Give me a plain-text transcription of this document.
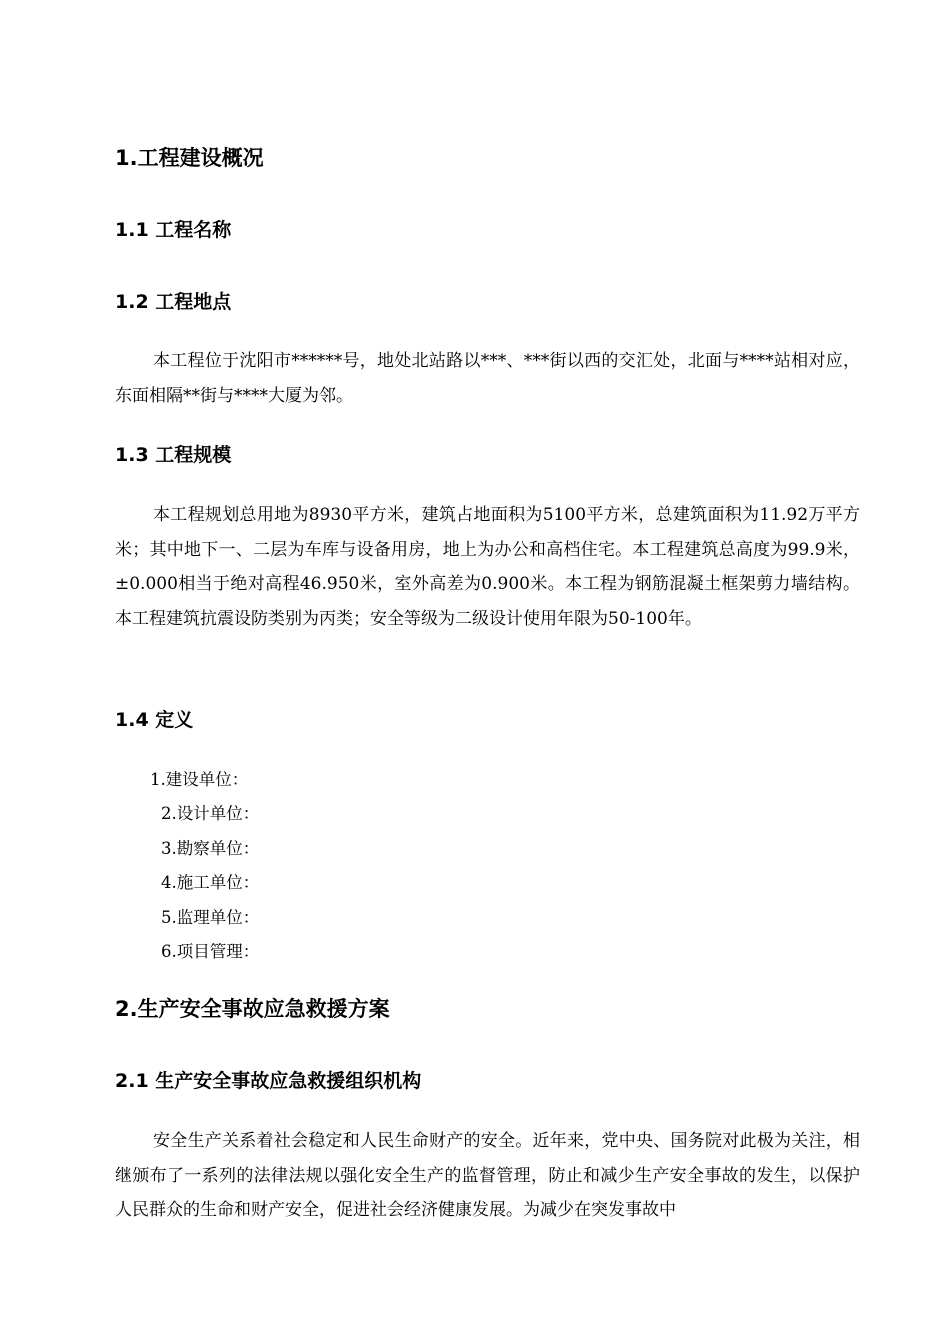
1.工程建设概况
1.1 工程名称
1.2 工程地点

本工程位于沈阳市******号，地处北站路以***、***街以西的交汇处，北面与****站相对应，东面相隔**街与****大厦为邻。

1.3 工程规模

本工程规划总用地为8930平方米，建筑占地面积为5100平方米，总建筑面积为11.92万平方米；其中地下一、二层为车库与设备用房，地上为办公和高档住宅。本工程建筑总高度为99.9米，±0.000相当于绝对高程46.950米，室外高差为0.900米。本工程为钢筋混凝土框架剪力墙结构。本工程建筑抗震设防类别为丙类；安全等级为二级设计使用年限为50-100年。

1.4 定义
1.建设单位：
2.设计单位：
3.勘察单位：
4.施工单位：
5.监理单位：
6.项目管理：
2.生产安全事故应急救援方案
2.1 生产安全事故应急救援组织机构

安全生产关系着社会稳定和人民生命财产的安全。近年来，党中央、国务院对此极为关注，相继颁布了一系列的法律法规以强化安全生产的监督管理，防止和减少生产安全事故的发生，以保护人民群众的生命和财产安全，促进社会经济健康发展。为减少在突发事故中
